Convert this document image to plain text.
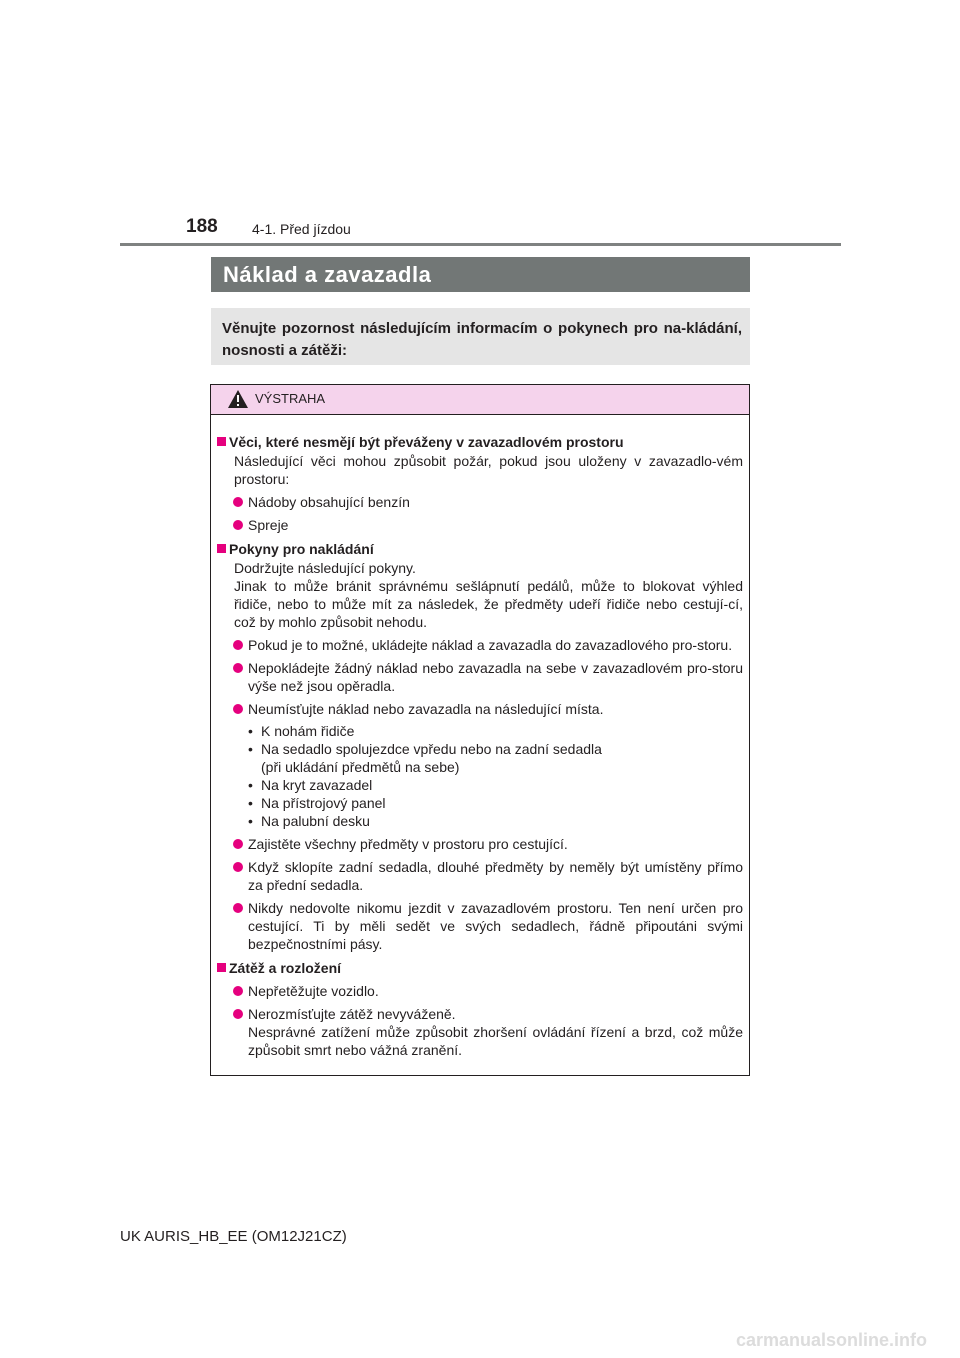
188 4-1. Před jízdou
Náklad a zavazadla
Věnujte pozornost následujícím informacím o pokynech pro na-kládání, nosnosti a zátěži:
VÝSTRAHA
Věci, které nesmějí být převáženy v zavazadlovém prostoru
Následující věci mohou způsobit požár, pokud jsou uloženy v zavazadlo-vém prostoru:
Nádoby obsahující benzín
Spreje
Pokyny pro nakládání
Dodržujte následující pokyny.
Jinak to může bránit správnému sešlápnutí pedálů, může to blokovat výhled řidiče, nebo to může mít za následek, že předměty udeří řidiče nebo cestují-cí, což by mohlo způsobit nehodu.
Pokud je to možné, ukládejte náklad a zavazadla do zavazadlového pro-storu.
Nepokládejte žádný náklad nebo zavazadla na sebe v zavazadlovém pro-storu výše než jsou opěradla.
Neumísťujte náklad nebo zavazadla na následující místa.
• K nohám řidiče
• Na sedadlo spolujezdce vpředu nebo na zadní sedadla
(při ukládání předmětů na sebe)
• Na kryt zavazadel
• Na přístrojový panel
• Na palubní desku
Zajistěte všechny předměty v prostoru pro cestující.
Když sklopíte zadní sedadla, dlouhé předměty by neměly být umístěny přímo za přední sedadla.
Nikdy nedovolte nikomu jezdit v zavazadlovém prostoru. Ten není určen pro cestující. Ti by měli sedět ve svých sedadlech, řádně připoutáni svými bezpečnostními pásy.
Zátěž a rozložení
Nepřetěžujte vozidlo.
Nerozmísťujte zátěž nevyváženě.
Nesprávné zatížení může způsobit zhoršení ovládání řízení a brzd, což může způsobit smrt nebo vážná zranění.
UK AURIS_HB_EE (OM12J21CZ)
carmanualsonline.info
